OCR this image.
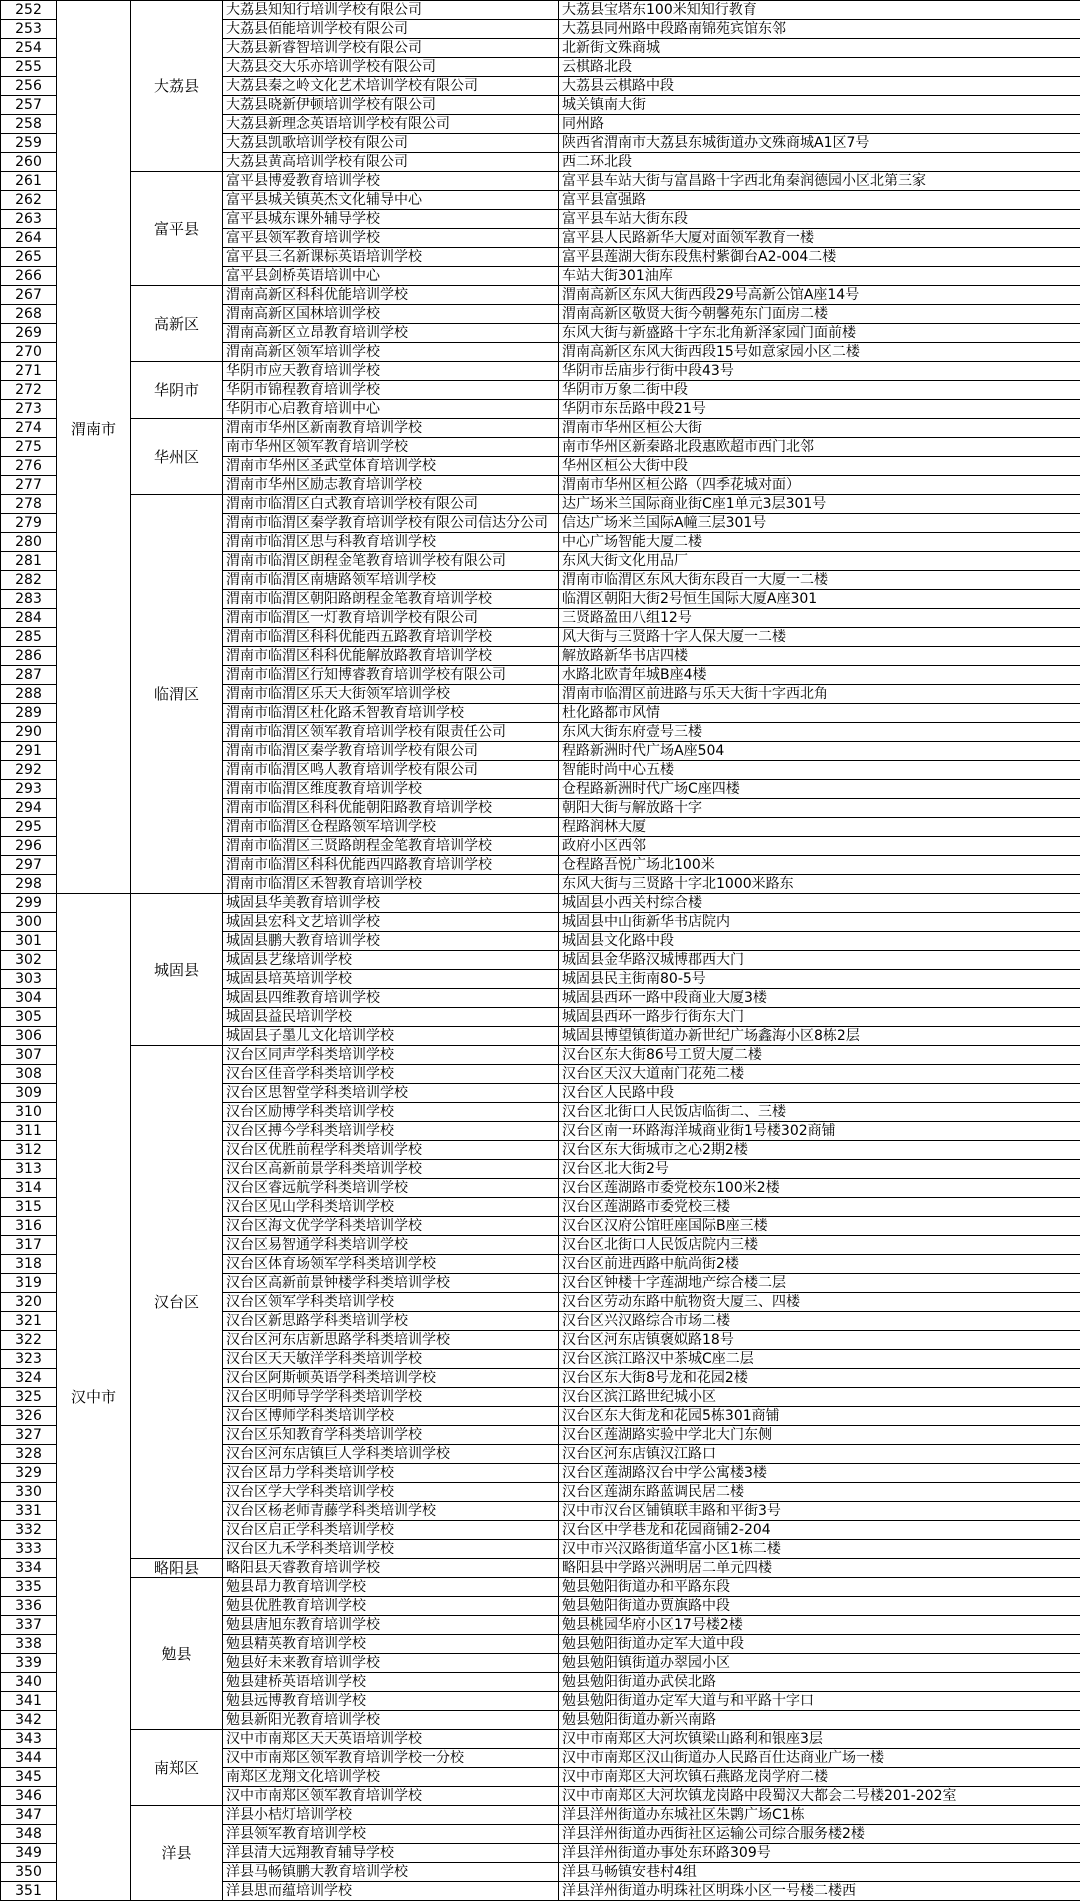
252	渭南市	大荔县	大荔县知知行培训学校有限公司	大荔县宝塔东100米知知行教育
253			大荔县佰能培训学校有限公司	大荔县同州路中段路南锦苑宾馆东邻
254			大荔县新睿智培训学校有限公司	北新街文殊商城
255			大荔县交大乐亦培训学校有限公司	云棋路北段
256			大荔县秦之岭文化艺术培训学校有限公司	大荔县云棋路中段
257			大荔县晓新伊顿培训学校有限公司	城关镇南大街
258			大荔县新理念英语培训学校有限公司	同州路
259			大荔县凯歌培训学校有限公司	陕西省渭南市大荔县东城街道办文殊商城A1区7号
260			大荔县黄高培训学校有限公司	西二环北段
261		富平县	富平县博爱教育培训学校	富平县车站大街与富昌路十字西北角秦润德园小区北第三家
262			富平县城关镇英杰文化辅导中心	富平县富强路
263			富平县城东课外辅导学校	富平县车站大街东段
264			富平县领军教育培训学校	富平县人民路新华大厦对面领军教育一楼
265			富平县三名新课标英语培训学校	富平县莲湖大街东段焦村紫御台A2-004二楼
266			富平县剑桥英语培训中心	车站大街301油库
267		高新区	渭南高新区科科优能培训学校	渭南高新区东风大街西段29号高新公馆A座14号
268			渭南高新区国林培训学校	渭南高新区敬贤大街今朝馨苑东门面房二楼
269			渭南高新区立昂教育培训学校	东风大街与新盛路十字东北角新泽家园门面前楼
270			渭南高新区领军培训学校	渭南高新区东风大街西段15号如意家园小区二楼
271		华阴市	华阴市应天教育培训学校	华阴市岳庙步行街中段43号
272			华阴市锦程教育培训学校	华阴市万象二街中段
273			华阴市心启教育培训中心	华阴市东岳路中段21号
274		华州区	渭南市华州区新南教育培训学校	渭南市华州区桓公大街
275			南市华州区领军教育培训学校	南市华州区新秦路北段惠欧超市西门北邻
276			渭南市华州区圣武堂体育培训学校	华州区桓公大街中段
277			渭南市华州区励志教育培训学校	渭南市华州区桓公路（四季花城对面）
278		临渭区	渭南市临渭区白式教育培训学校有限公司	达广场米兰国际商业街C座1单元3层301号
279			渭南市临渭区秦学教育培训学校有限公司信达分公司	信达广场米兰国际A幢三层301号
280			渭南市临渭区思与科教育培训学校	中心广场智能大厦二楼
281			渭南市临渭区朗程金笔教育培训学校有限公司	东风大街文化用品厂
282			渭南市临渭区南塘路领军培训学校	渭南市临渭区东风大街东段百一大厦一二楼
283			渭南市临渭区朝阳路朗程金笔教育培训学校	临渭区朝阳大街2号恒生国际大厦A座301
284			渭南市临渭区一灯教育培训学校有限公司	三贤路盈田八组12号
285			渭南市临渭区科科优能西五路教育培训学校	风大街与三贤路十字人保大厦一二楼
286			渭南市临渭区科科优能解放路教育培训学校	解放路新华书店四楼
287			渭南市临渭区行知博睿教育培训学校有限公司	水路北欧青年城B座4楼
288			渭南市临渭区乐天大街领军培训学校	渭南市临渭区前进路与乐天大街十字西北角
289			渭南市临渭区杜化路禾智教育培训学校	杜化路都市风情
290			渭南市临渭区领军教育培训学校有限责任公司	东风大街东府壹号三楼
291			渭南市临渭区秦学教育培训学校有限公司	程路新洲时代广场A座504
292			渭南市临渭区鸣人教育培训学校有限公司	智能时尚中心五楼
293			渭南市临渭区维度教育培训学校	仓程路新洲时代广场C座四楼
294			渭南市临渭区科科优能朝阳路教育培训学校	朝阳大街与解放路十字
295			渭南市临渭区仓程路领军培训学校	程路润林大厦
296			渭南市临渭区三贤路朗程金笔教育培训学校	政府小区西邻
297			渭南市临渭区科科优能西四路教育培训学校	仓程路吾悦广场北100米
298			渭南市临渭区禾智教育培训学校	东风大街与三贤路十字北1000米路东
299	汉中市	城固县	城固县华美教育培训学校	城固县小西关村综合楼
300			城固县宏科文艺培训学校	城固县中山街新华书店院内
301			城固县鹏大教育培训学校	城固县文化路中段
302			城固县艺缘培训学校	城固县金华路汉城博郡西大门
303			城固县培英培训学校	城固县民主街南80-5号
304			城固县四维教育培训学校	城固县西环一路中段商业大厦3楼
305			城固县益民培训学校	城固县西环一路步行街东大门
306			城固县子墨儿文化培训学校	城固县博望镇街道办新世纪广场鑫海小区8栋2层
307		汉台区	汉台区同声学科类培训学校	汉台区东大街86号工贸大厦二楼
308			汉台区佳音学科类培训学校	汉台区天汉大道南门花苑二楼
309			汉台区思智堂学科类培训学校	汉台区人民路中段
310			汉台区励博学科类培训学校	汉台区北街口人民饭店临街二、三楼
311			汉台区搏今学科类培训学校	汉台区南一环路海洋城商业街1号楼302商铺
312			汉台区优胜前程学科类培训学校	汉台区东大街城市之心2期2楼
313			汉台区高新前景学科类培训学校	汉台区北大街2号
314			汉台区睿远航学科类培训学校	汉台区莲湖路市委党校东100米2楼
315			汉台区见山学科类培训学校	汉台区莲湖路市委党校三楼
316			汉台区海文优学学科类培训学校	汉台区汉府公馆旺座国际B座三楼
317			汉台区易智通学科类培训学校	汉台区北街口人民饭店院内三楼
318			汉台区体育场领军学科类培训学校	汉台区前进西路中航尚街2楼
319			汉台区高新前景钟楼学科类培训学校	汉台区钟楼十字莲湖地产综合楼二层
320			汉台区领军学科类培训学校	汉台区劳动东路中航物资大厦三、四楼
321			汉台区新思路学科类培训学校	汉台区兴汉路综合市场二楼
322			汉台区河东店新思路学科类培训学校	汉台区河东店镇褒姒路18号
323			汉台区天天敏洋学科类培训学校	汉台区滨江路汉中茶城C座二层
324			汉台区阿斯顿英语学科类培训学校	汉台区东大街8号龙和花园2楼
325			汉台区明师导学学科类培训学校	汉台区滨江路世纪城小区
326			汉台区博师学科类培训学校	汉台区东大街龙和花园5栋301商铺
327			汉台区乐知教育学科类培训学校	汉台区莲湖路实验中学北大门东侧
328			汉台区河东店镇巨人学科类培训学校	汉台区河东店镇汉江路口
329			汉台区昂力学科类培训学校	汉台区莲湖路汉台中学公寓楼3楼
330			汉台区学大学科类培训学校	汉台区莲湖东路蓝调民居二楼
331			汉台区杨老师青藤学科类培训学校	汉中市汉台区铺镇联丰路和平街3号
332			汉台区启正学科类培训学校	汉台区中学巷龙和花园商铺2-204
333			汉台区九禾学科类培训学校	汉中市兴汉路街道华富小区1栋二楼
334		略阳县	略阳县天睿教育培训学校	略阳县中学路兴洲明居二单元四楼
335		勉县	勉县昂力教育培训学校	勉县勉阳街道办和平路东段
336			勉县优胜教育培训学校	勉县勉阳街道办贾旗路中段
337			勉县唐旭东教育培训学校	勉县桃园华府小区17号楼2楼
338			勉县精英教育培训学校	勉县勉阳街道办定军大道中段
339			勉县好未来教育培训学校	勉县勉阳镇街道办翠园小区
340			勉县建桥英语培训学校	勉县勉阳街道办武侯北路
341			勉县远博教育培训学校	勉县勉阳街道办定军大道与和平路十字口
342			勉县新阳光教育培训学校	勉县勉阳街道办新兴南路
343		南郑区	汉中市南郑区天天英语培训学校	汉中市南郑区大河坎镇梁山路利和银座3层
344			汉中市南郑区领军教育培训学校一分校	汉中市南郑区汉山街道办人民路百仕达商业广场一楼
345			南郑区龙翔文化培训学校	汉中市南郑区大河坎镇石燕路龙岗学府二楼
346			汉中市南郑区领军教育培训学校	汉中市南郑区大河坎镇龙岗路中段蜀汉大都会二号楼201-202室
347		洋县	洋县小桔灯培训学校	洋县洋州街道办东城社区朱鹮广场C1栋
348			洋县领军教育培训学校	洋县洋州街道办西街社区运输公司综合服务楼2楼
349			洋县清大远翔教育辅导学校	洋县洋州街道办事处东环路309号
350			洋县马畅镇鹏大教育培训学校	洋县马畅镇安巷村4组
351			洋县思而蕴培训学校	洋县洋州街道办明珠社区明珠小区一号楼二楼西
